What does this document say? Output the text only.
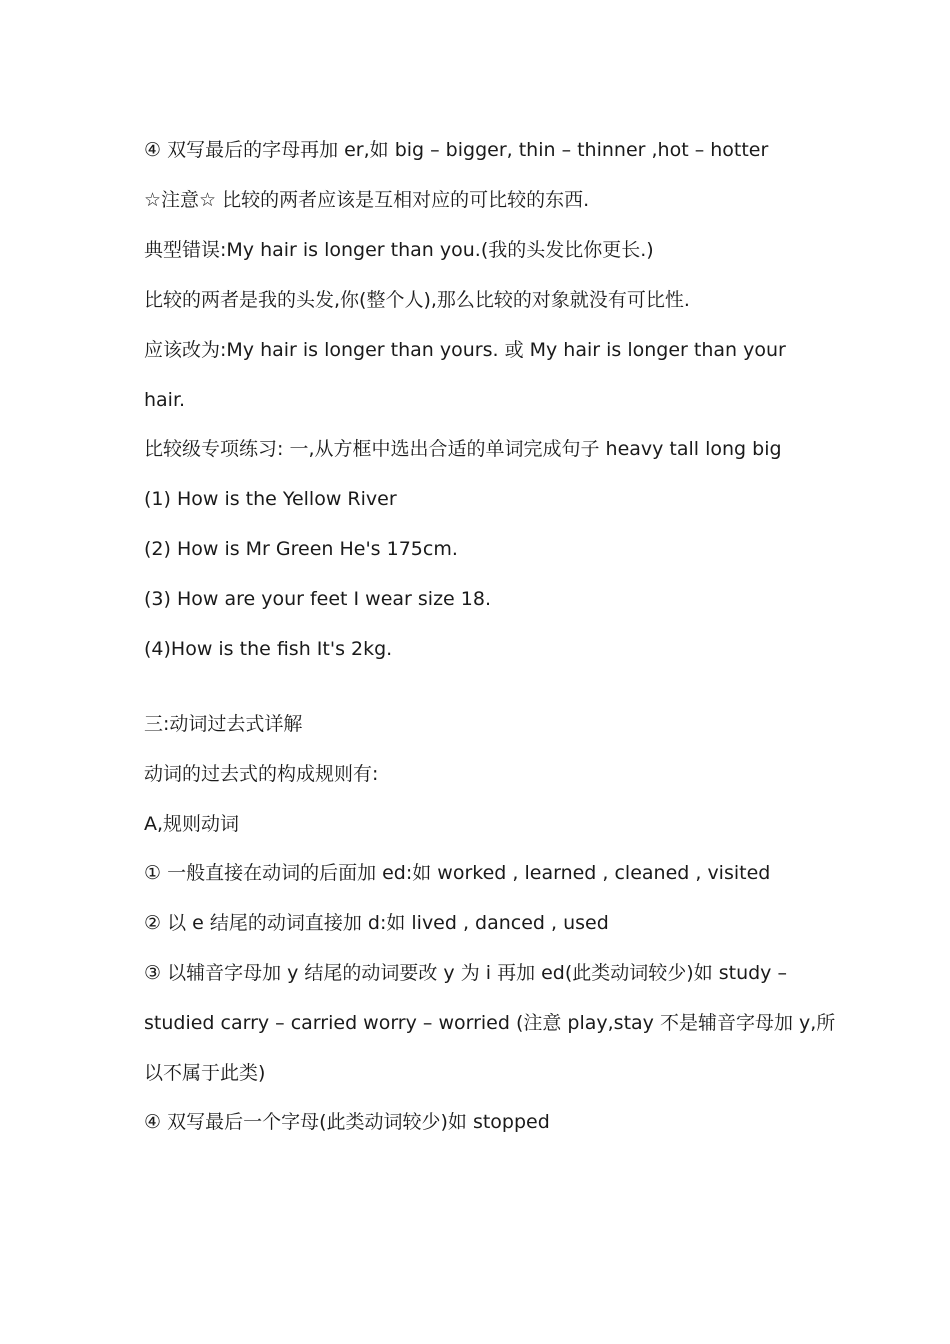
④ 双写最后的字母再加 er,如 big – bigger, thin – thinner ,hot – hotter
☆注意☆ 比较的两者应该是互相对应的可比较的东西.
典型错误:My hair is longer than you.(我的头发比你更长.)
比较的两者是我的头发,你(整个人),那么比较的对象就没有可比性.
应该改为:My hair is longer than yours. 或 My hair is longer than your
hair.
比较级专项练习: 一,从方框中选出合适的单词完成句子 heavy tall long big
(1) How is the Yellow River
(2) How is Mr Green He's 175cm.
(3) How are your feet I wear size 18.
(4)How is the fish It's 2kg.
三:动词过去式详解
动词的过去式的构成规则有:
A,规则动词
① 一般直接在动词的后面加 ed:如 worked , learned , cleaned , visited
② 以 e 结尾的动词直接加 d:如 lived , danced , used
③ 以辅音字母加 y 结尾的动词要改 y 为 i 再加 ed(此类动词较少)如 study –
studied carry – carried worry – worried (注意 play,stay 不是辅音字母加 y,所
以不属于此类)
④ 双写最后一个字母(此类动词较少)如 stopped
